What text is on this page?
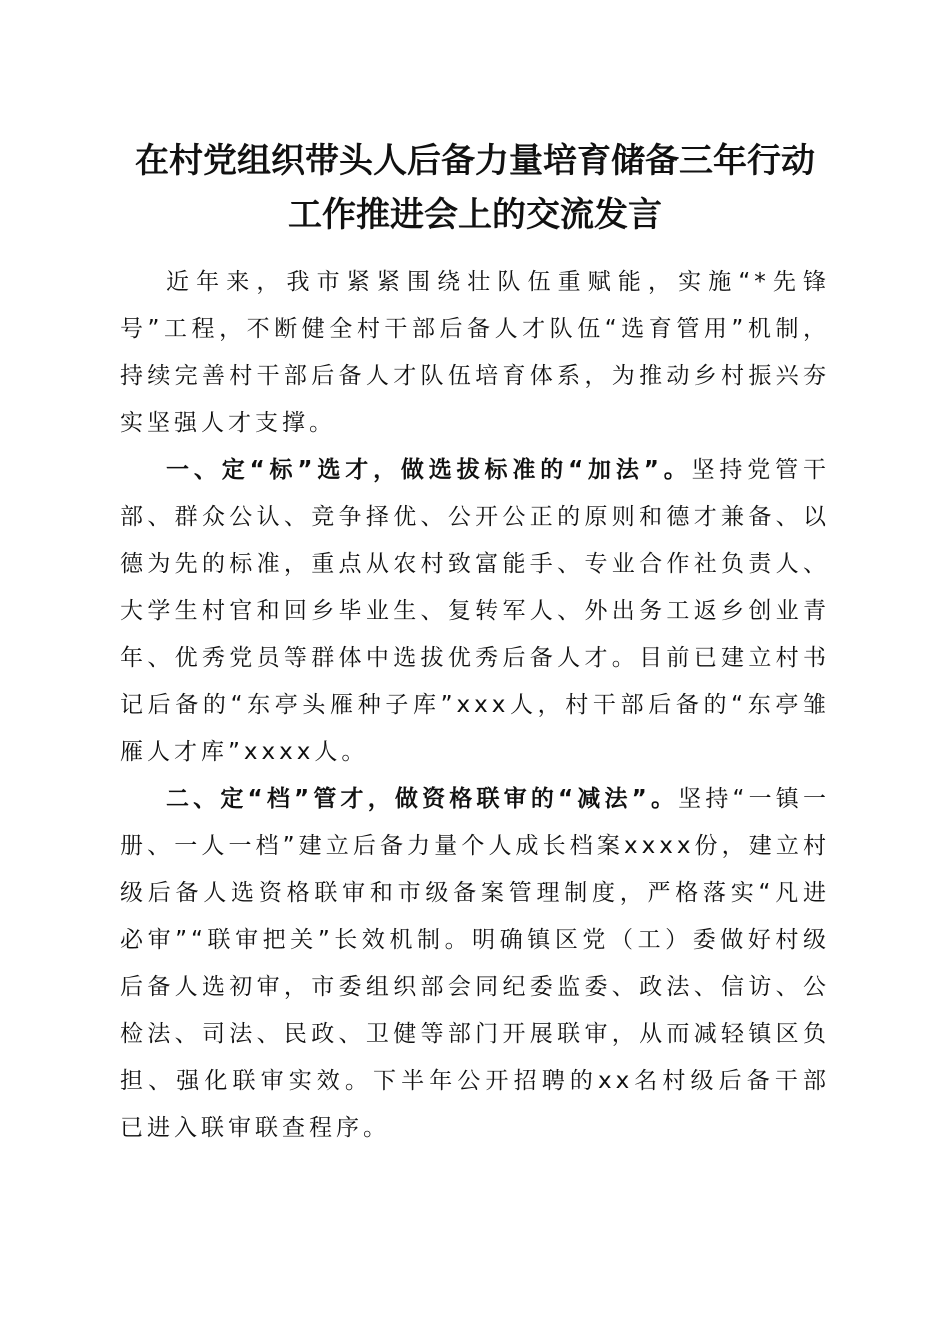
在村党组织带头人后备力量培育储备三年行动
工作推进会上的交流发言

近年来，我市紧紧围绕壮队伍重赋能，实施“*先锋号”工程，不断健全村干部后备人才队伍“选育管用”机制，持续完善村干部后备人才队伍培育体系，为推动乡村振兴夯实坚强人才支撑。

一、定“标”选才，做选拔标准的“加法”。坚持党管干部、群众公认、竞争择优、公开公正的原则和德才兼备、以德为先的标准，重点从农村致富能手、专业合作社负责人、大学生村官和回乡毕业生、复转军人、外出务工返乡创业青年、优秀党员等群体中选拔优秀后备人才。目前已建立村书记后备的“东亭头雁种子库”xxx人，村干部后备的“东亭雏雁人才库”xxxx人。

二、定“档”管才，做资格联审的“减法”。坚持“一镇一册、一人一档”建立后备力量个人成长档案xxxx份，建立村级后备人选资格联审和市级备案管理制度，严格落实“凡进必审”“联审把关”长效机制。明确镇区党（工）委做好村级后备人选初审，市委组织部会同纪委监委、政法、信访、公检法、司法、民政、卫健等部门开展联审，从而减轻镇区负担、强化联审实效。下半年公开招聘的xx名村级后备干部已进入联审联查程序。
